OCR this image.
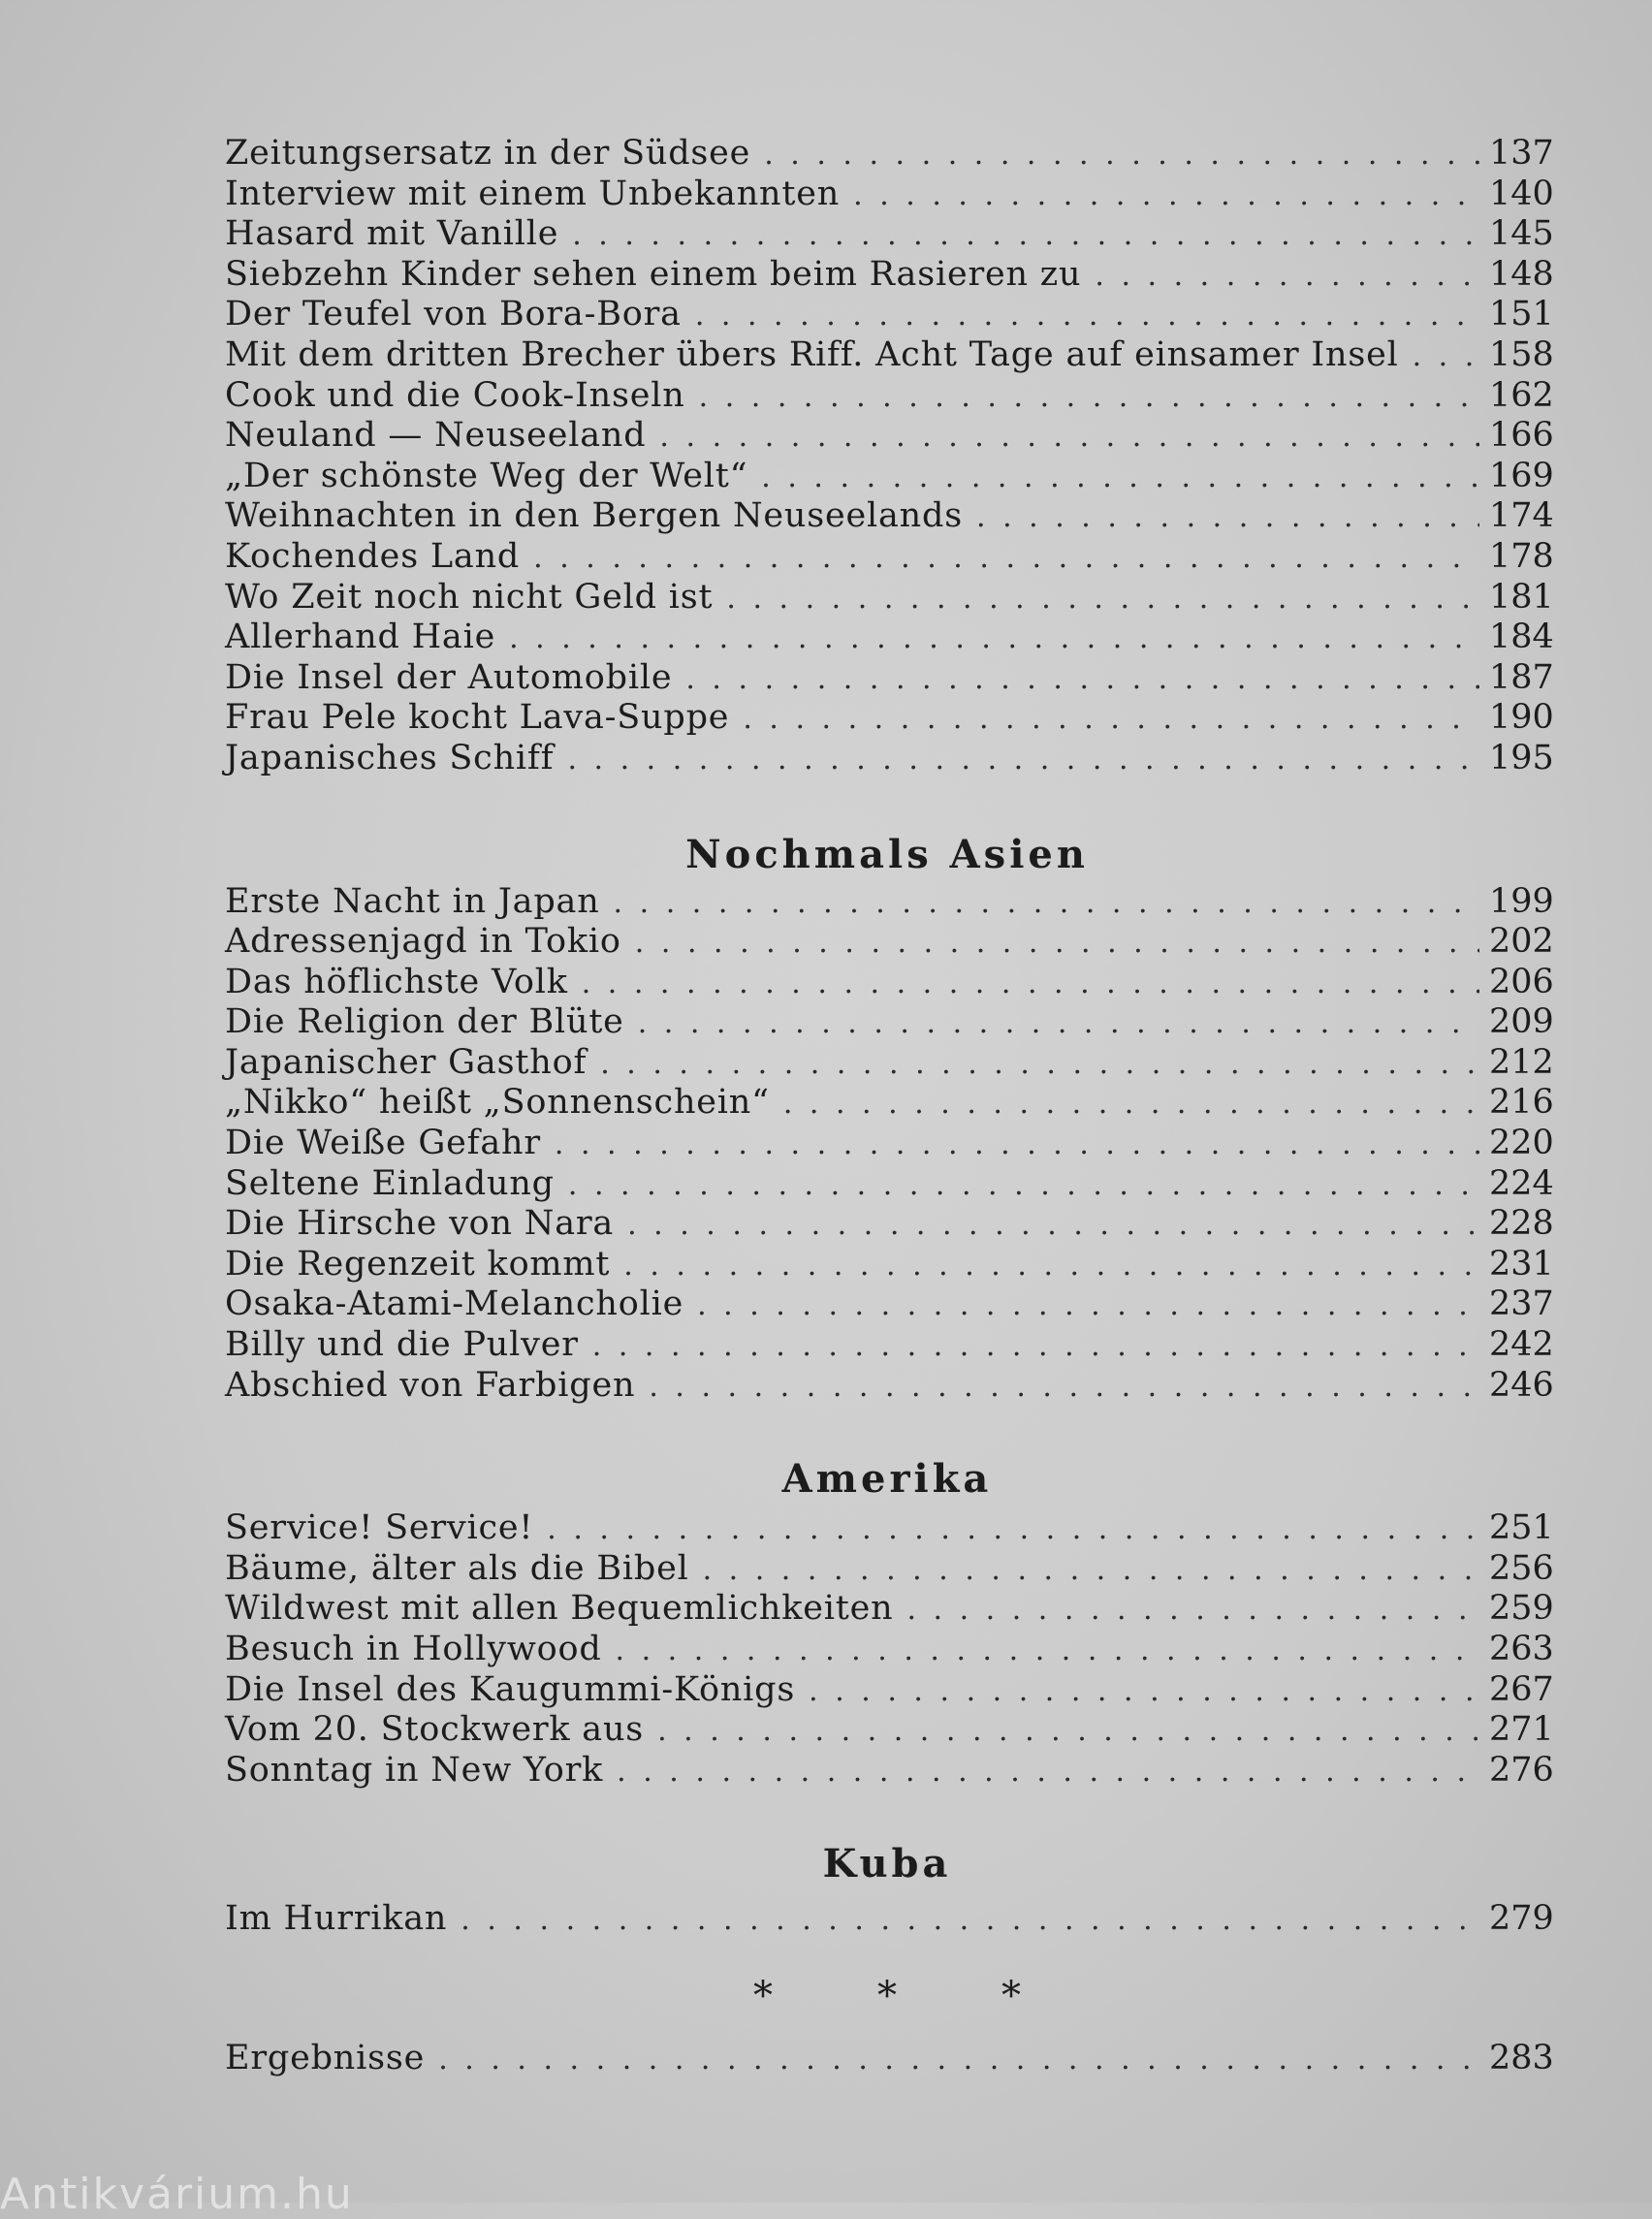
Zeitungsersatz in der Südsee . . .	137
Interview mit einem Unbekannten . . .	140
Hasard mit Vanille . . .	145
Siebzehn Kinder sehen einem beim Rasieren zu . . .	148
Der Teufel von Bora-Bora . . .	151
Mit dem dritten Brecher übers Riff. Acht Tage auf einsamer Insel . . .	158
Cook und die Cook-Inseln . . .	162
Neuland — Neuseeland . . .	166
„Der schönste Weg der Welt“ . . .	169
Weihnachten in den Bergen Neuseelands . . .	174
Kochendes Land . . .	178
Wo Zeit noch nicht Geld ist . . .	181
Allerhand Haie . . .	184
Die Insel der Automobile . . .	187
Frau Pele kocht Lava-Suppe . . .	190
Japanisches Schiff . . .	195
Nochmals Asien
Erste Nacht in Japan . . .	199
Adressenjagd in Tokio . . .	202
Das höflichste Volk . . .	206
Die Religion der Blüte . . .	209
Japanischer Gasthof . . .	212
„Nikko“ heißt „Sonnenschein“ . . .	216
Die Weiße Gefahr . . .	220
Seltene Einladung . . .	224
Die Hirsche von Nara . . .	228
Die Regenzeit kommt . . .	231
Osaka-Atami-Melancholie . . .	237
Billy und die Pulver . . .	242
Abschied von Farbigen . . .	246
Amerika
Service! Service! . . .	251
Bäume, älter als die Bibel . . .	256
Wildwest mit allen Bequemlichkeiten . . .	259
Besuch in Hollywood . . .	263
Die Insel des Kaugummi-Königs . . .	267
Vom 20. Stockwerk aus . . .	271
Sonntag in New York . . .	276
Kuba
Im Hurrikan . . .	279
*	*	*
Ergebnisse . . .	283
Antikvárium.hu
